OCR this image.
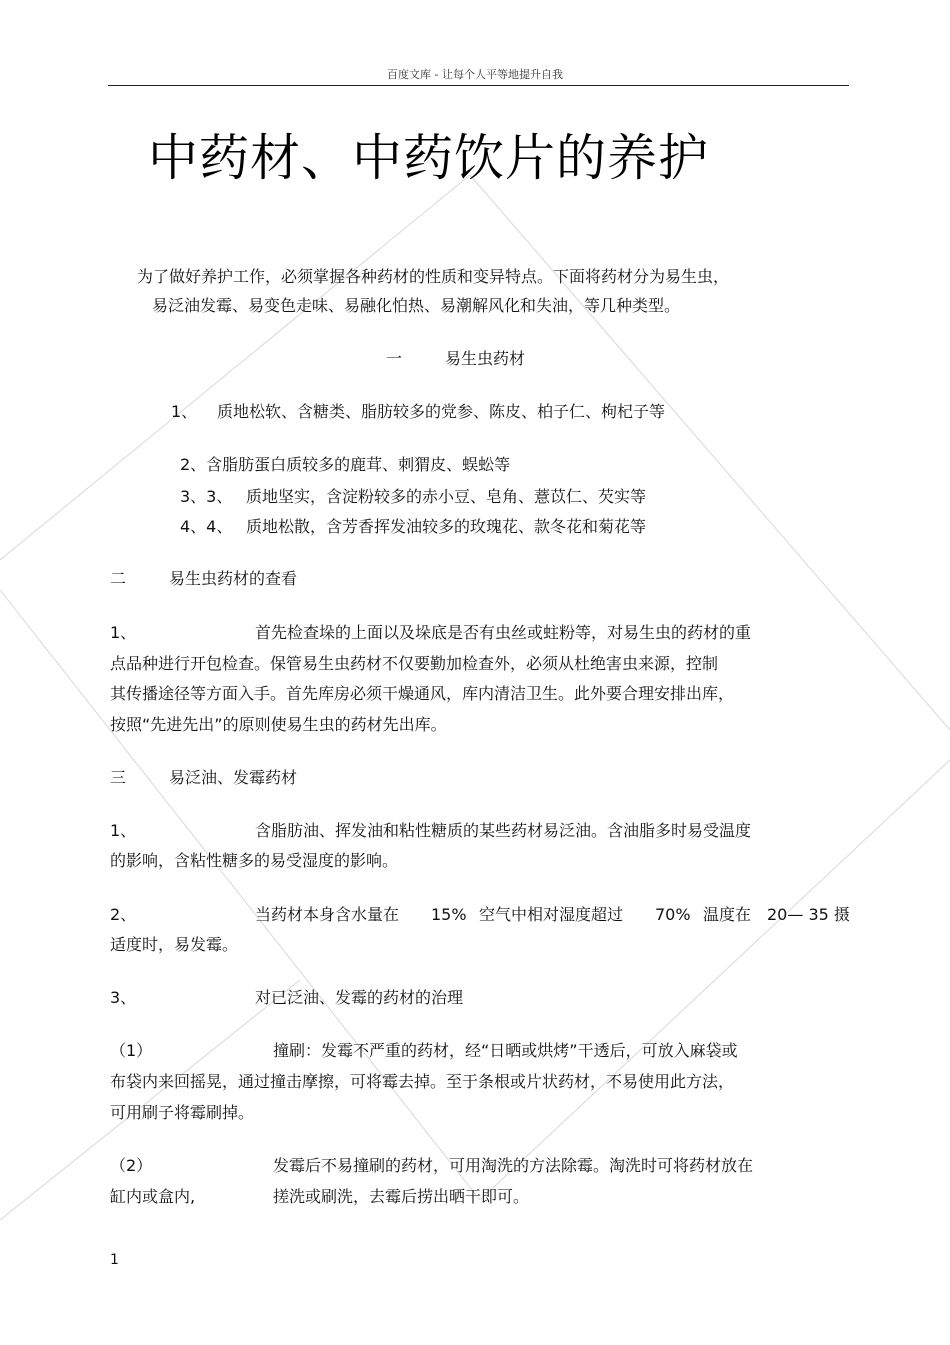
百度文库 - 让每个人平等地提升自我
中药材、中药饮片的养护
为了做好养护工作，必须掌握各种药材的性质和变异特点。下面将药材分为易生虫，
易泛油发霉、易变色走味、易融化怕热、易潮解风化和失油，等几种类型。
一	易生虫药材
1、 质地松软、含糖类、脂肪较多的党参、陈皮、柏子仁、枸杞子等
2、含脂肪蛋白质较多的鹿茸、刺猬皮、蜈蚣等
3、3、 质地坚实，含淀粉较多的赤小豆、皂角、薏苡仁、芡实等
4、4、 质地松散，含芳香挥发油较多的玫瑰花、款冬花和菊花等
二	易生虫药材的查看
1、	首先检查垛的上面以及垛底是否有虫丝或蛀粉等，对易生虫的药材的重
点品种进行开包检查。保管易生虫药材不仅要勤加检查外，必须从杜绝害虫来源，控制
其传播途径等方面入手。首先库房必须干燥通风，库内清洁卫生。此外要合理安排出库，
按照“先进先出”的原则使易生虫的药材先出库。
三	易泛油、发霉药材
1、	含脂肪油、挥发油和粘性糖质的某些药材易泛油。含油脂多时易受温度
的影响，含粘性糖多的易受湿度的影响。
2、	当药材本身含水量在 15% 空气中相对湿度超过 70% 温度在 20— 35 摄
适度时，易发霉。
3、	对已泛油、发霉的药材的治理
（1）	撞刷：发霉不严重的药材，经“日晒或烘烤”干透后，可放入麻袋或
布袋内来回摇晃，通过撞击摩擦，可将霉去掉。至于条根或片状药材，不易使用此方法，
可用刷子将霉刷掉。
（2）	发霉后不易撞刷的药材，可用淘洗的方法除霉。淘洗时可将药材放在
缸内或盒内,	搓洗或刷洗，去霉后捞出晒干即可。
1
